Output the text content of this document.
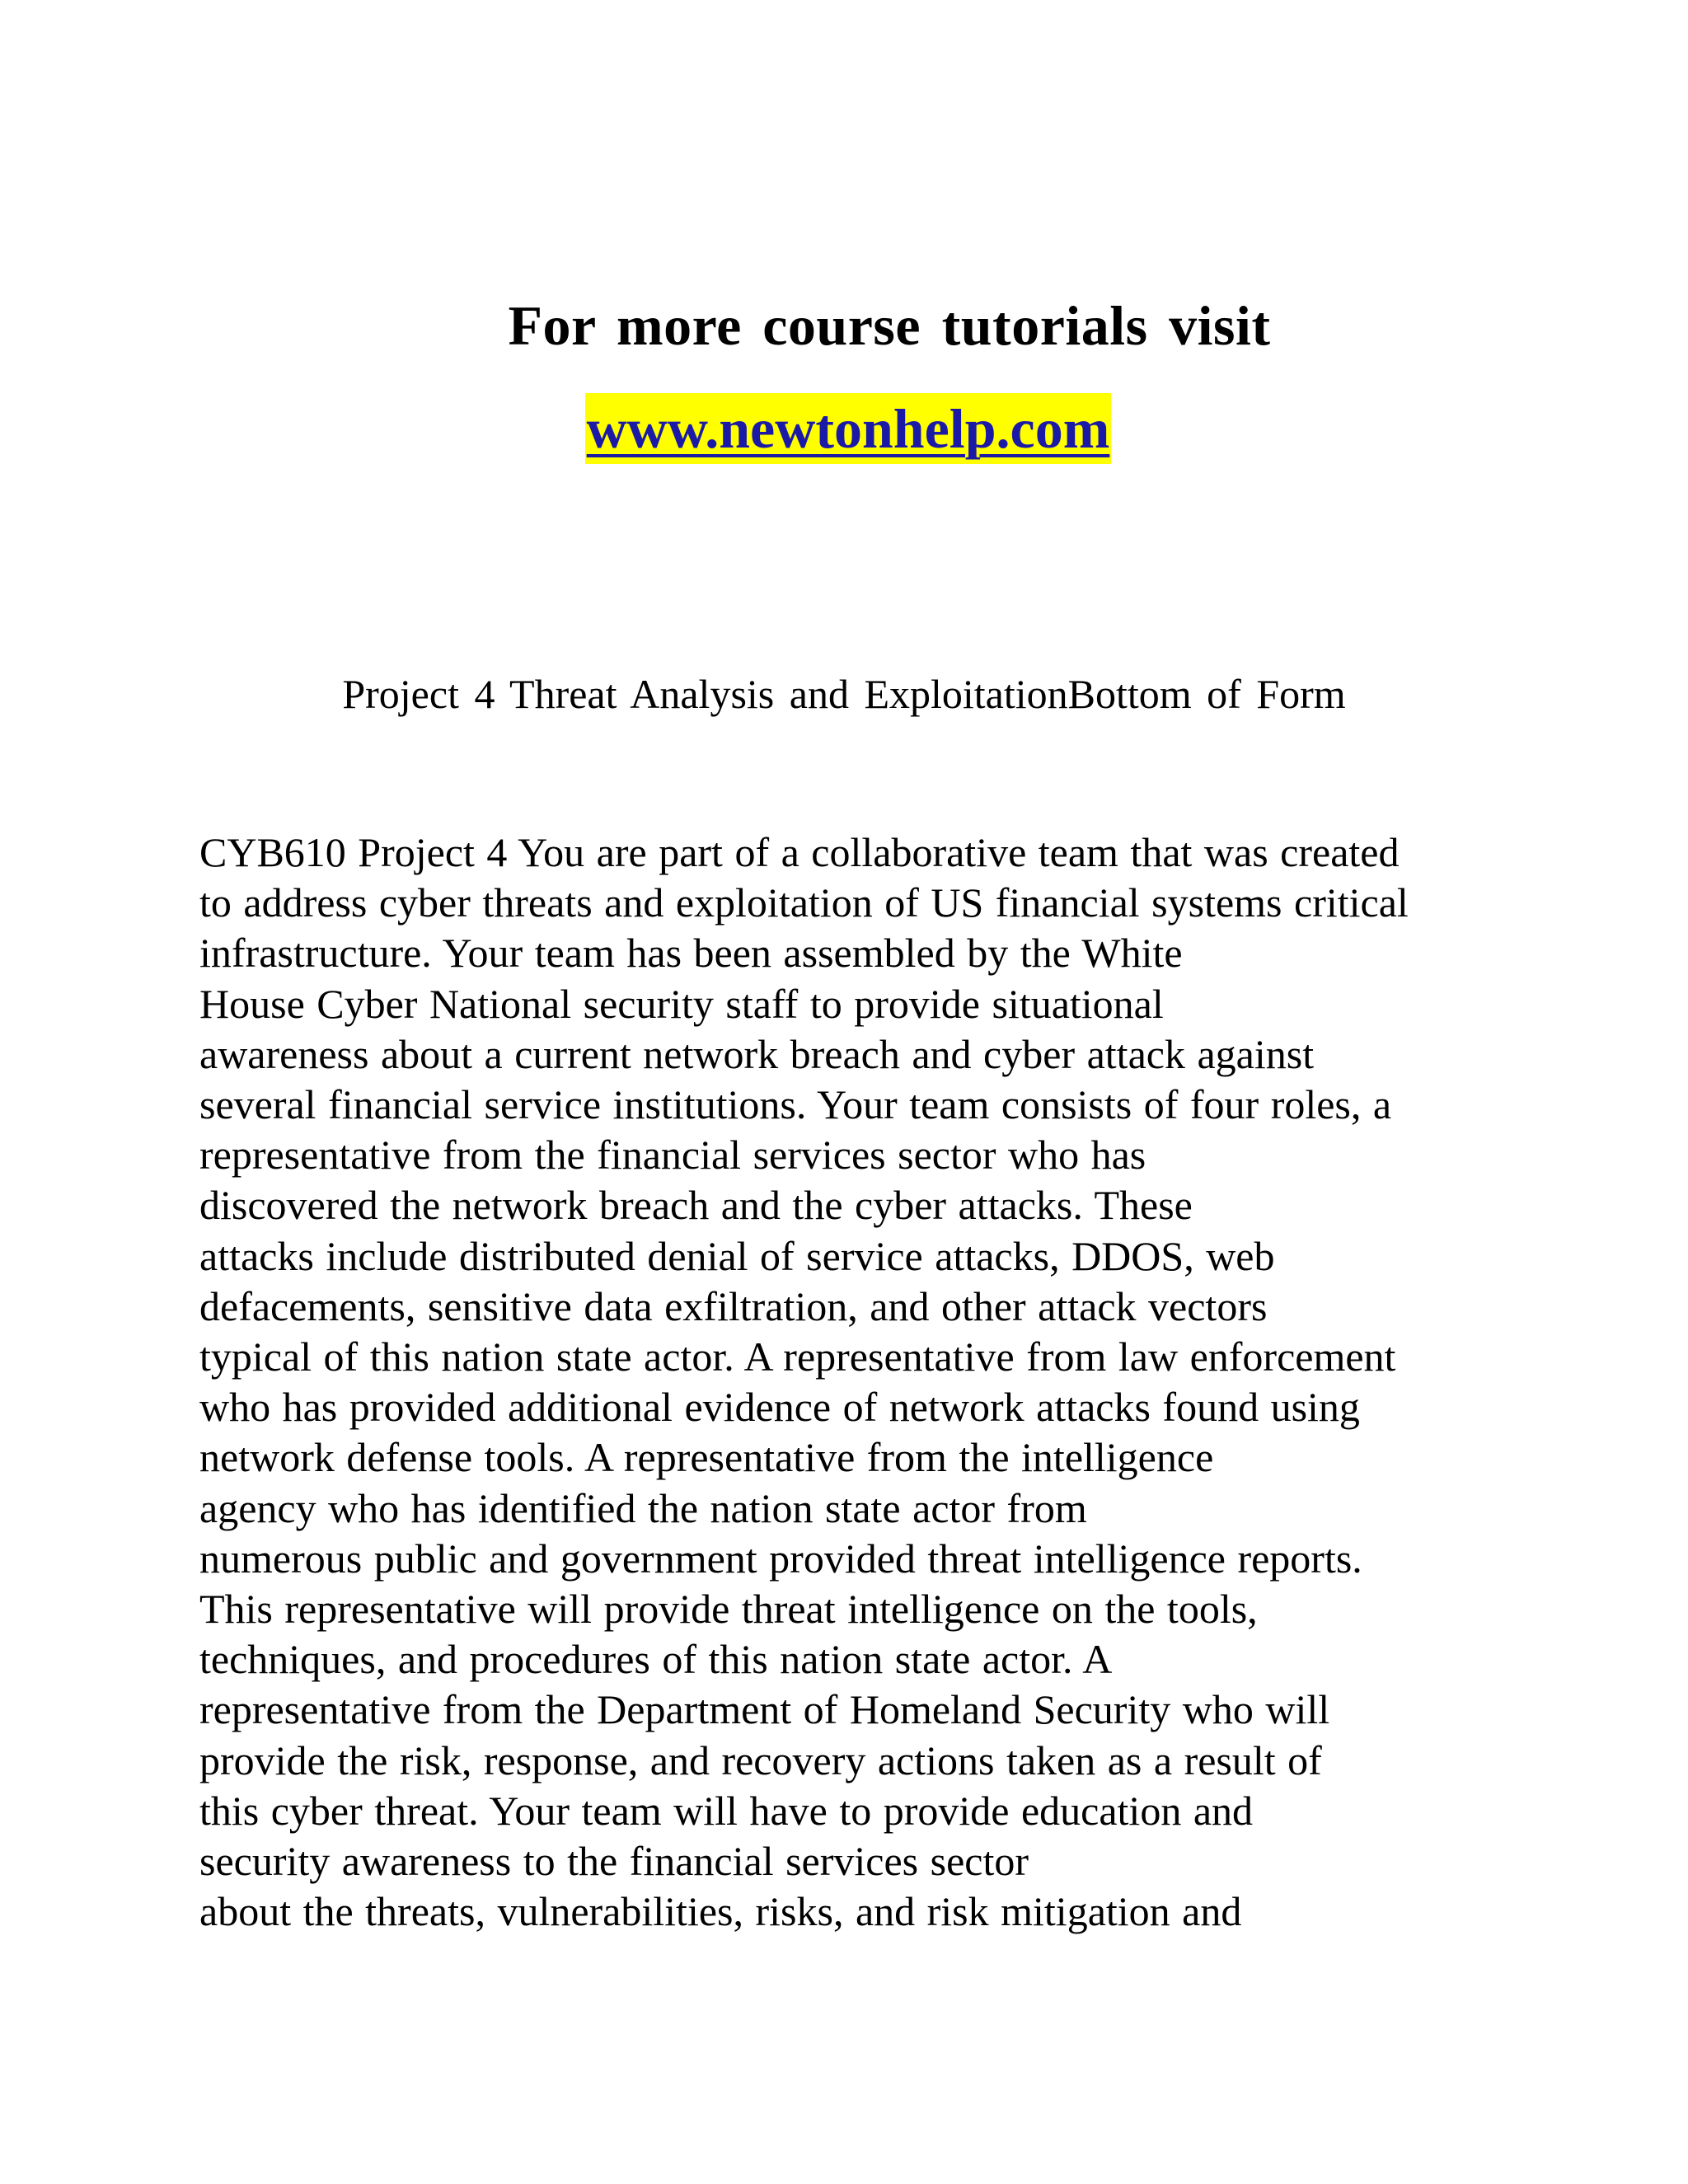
For more course tutorials visit
www.newtonhelp.com

Project 4 Threat Analysis and ExploitationBottom of Form

CYB610 Project 4 You are part of a collaborative team that was created
to address cyber threats and exploitation of US financial systems critical
infrastructure. Your team has been assembled by the White
House Cyber National security staff to provide situational
awareness about a current network breach and cyber attack against
several financial service institutions. Your team consists of four roles, a
representative from the financial services sector who has
discovered the network breach and the cyber attacks. These
attacks include distributed denial of service attacks, DDOS, web
defacements, sensitive data exfiltration, and other attack vectors
typical of this nation state actor. A representative from law enforcement
who has provided additional evidence of network attacks found using
network defense tools. A representative from the intelligence
agency who has identified the nation state actor from
numerous public and government provided threat intelligence reports.
This representative will provide threat intelligence on the tools,
techniques, and procedures of this nation state actor. A
representative from the Department of Homeland Security who will
provide the risk, response, and recovery actions taken as a result of
this cyber threat. Your team will have to provide education and
security awareness to the financial services sector
about the threats, vulnerabilities, risks, and risk mitigation and
